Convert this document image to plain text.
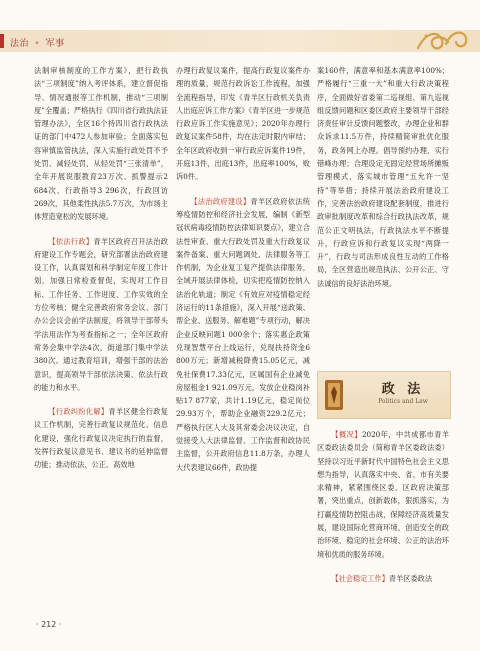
法治 • 军事

法制审核制度的工作方案》，把行政执法“三项制度”纳入考评体系，建立督促指导、情况通报等工作机制，推动“三项制度”全覆盖；严格执行《四川省行政执法证管理办法》，全区16个持四川省行政执法证的部门中472人参加审验；全面落实包容审慎监管执法，深入实施行政处罚不予处罚、减轻处罚、从轻处罚“三张清单”，全年开展说服教育23万次、抓警提示2 684次、行政指导3 296次，行政回访269次，其他柔性执法5.7万次，为市场主体营造宽松的发展环境。

【依法行政】青羊区政府召开法治政府建设工作专题会，研究部署法治政府建设工作，认真谋划和科学制定年度工作计划，加强日常检查督促，实现对工作目标、工作任务、工作进度、工作实效的全方位考核；健全完善政府常务会议、部门办公会议会前学法制度，将领导干部带头学法用法作为考查指标之一；全年区政府常务会集中学法4次，街道部门集中学法380次。通过教育培训，增强干部的法治意识，提高领导干部依法决策、依法行政的能力和水平。

【行政纠纷化解】青羊区健全行政复议工作机制，完善行政复议规范化、信息化建设，强化行政复议决定执行的监督，发挥行政复议意见书、建议书的延伸监督功能；推动依法、公正、高效地

办理行政复议案件，提高行政复议案件办理的质量，规范行政诉讼工作流程，加强全流程指导，印发《青羊区行政机关负责人出庭应诉工作方案》《青羊区进一步规范行政应诉工作实施意见》；2020年办理行政复议案件58件，均在法定时限内审结；全年区政府收到一审行政应诉案件19件，开庭13件，出庭13件，出庭率100%，败诉0件。

【法治政府建设】青羊区政府依法统筹疫情防控和经济社会发展，编制《新型冠状病毒疫情防控法律知识要点》，建立合法性审查、重大行政处罚及重大行政复议案件备案、重大问题调处、法律服务等工作机制，为企业复工复产提供法律服务，全域开展法律体检，切实把疫情防控纳入法治化轨道；制定《有效应对疫情稳定经济运行的11条措施》，深入开展“送政策、帮企业、送服务、解难题”专项行动，解决企业反映问题1 000余个；落实惠企政策兑现智慧平台上线运行，兑现扶持资金6 800万元；新增减税降费15.05亿元，减免社保费17.33亿元，区属国有企业减免房屋租金1 921.09万元，发放企业稳岗补贴17 877家，共计1.19亿元，稳定岗位29.93万个，帮助企业融资229.2亿元；严格执行区人大及其常委会决议决定，自觉接受人大法律监督、工作监督和政协民主监督，公开政府信息11.8万条，办理人大代表建议66件，政协提

案160件，满意率和基本满意率100%；严格履行“三重一大”和重大行政决策程序，全面做好省委第二巡视组、第九巡视组反馈问题和区委区政府主要领导干部经济责任审计反馈问题整改，办理企业和群众诉求11.5万件，持续精简审批优化服务，政务网上办理。倡导预约办理、实行错峰办理；合理设定无固定经营场所摊贩管理模式，落实城市管理“五允许一坚持”等举措；持续开展法治政府建设工作，完善法治政府建设配套制度，推进行政审批制度改革和综合行政执法改革，规范公正文明执法，行政执法水平不断提升，行政应诉和行政复议实现“两降一升”，行政与司法形成良性互动的工作格局，全区营造出规范执法、公开公正、守法诚信的良好法治环境。

政 法
Politics and Law

【概况】2020年，中共成都市青羊区委政法委员会（简称青羊区委政法委）坚持以习近平新时代中国特色社会主义思想为指导，认真落实中央、省、市有关要求精神，紧紧围绕区委、区政府决策部署，突出重点，创新载体，狠抓落实，为打赢疫情防控阻击战，保障经济高质量发展，建设国际化营商环境，创造安全的政治环境、稳定的社会环境、公正的法治环境和优质的服务环境。

【社会稳定工作】青羊区委政法

· 212 ·
